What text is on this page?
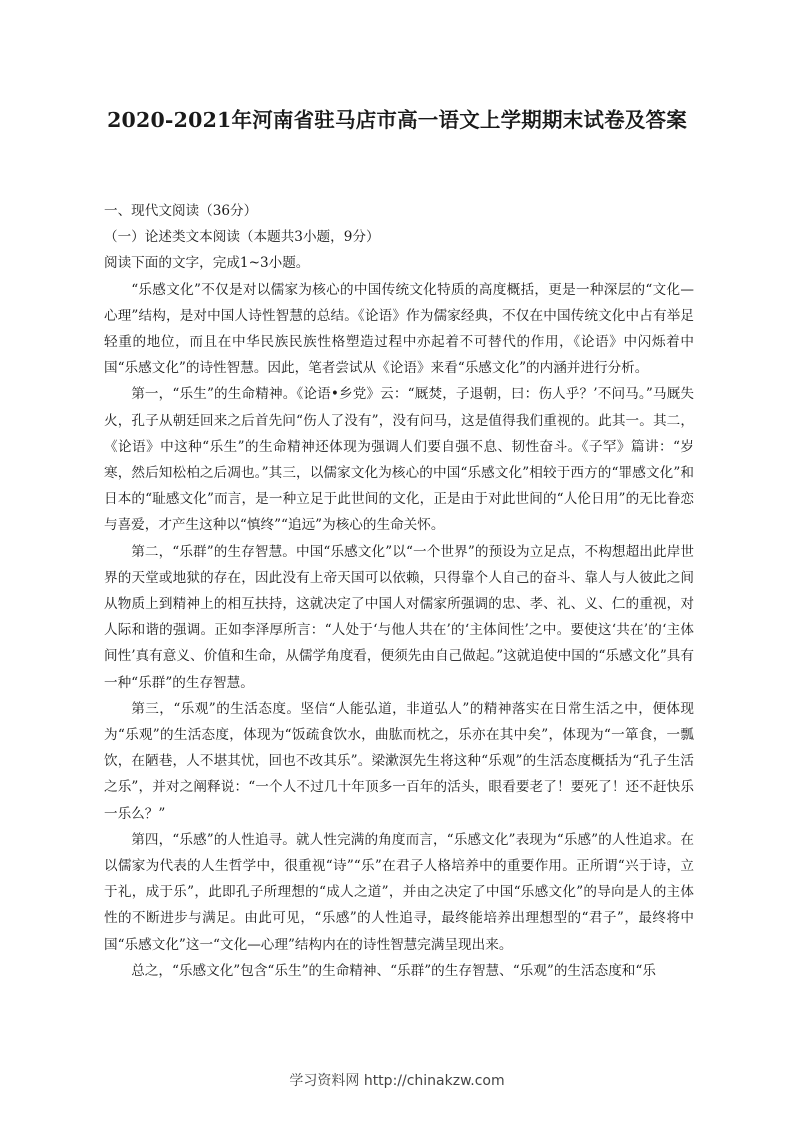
2020-2021年河南省驻马店市高一语文上学期期末试卷及答案

一、现代文阅读（36分）

（一）论述类文本阅读（本题共3小题，9分）

阅读下面的文字，完成1~3小题。

“乐感文化”不仅是对以儒家为核心的中国传统文化特质的高度概括，更是一种深层的“文化—心理”结构，是对中国人诗性智慧的总结。《论语》作为儒家经典，不仅在中国传统文化中占有举足轻重的地位，而且在中华民族民族性格塑造过程中亦起着不可替代的作用，《论语》中闪烁着中国“乐感文化”的诗性智慧。因此，笔者尝试从《论语》来看“乐感文化”的内涵并进行分析。

第一，“乐生”的生命精神。《论语•乡党》云：“厩焚，子退朝，曰：伤人乎？’不问马。”马厩失火，孔子从朝廷回来之后首先问“伤人了没有”，没有问马，这是值得我们重视的。此其一。其二，《论语》中这种“乐生”的生命精神还体现为强调人们要自强不息、韧性奋斗。《子罕》篇讲：“岁寒，然后知松柏之后凋也。”其三，以儒家文化为核心的中国“乐感文化”相较于西方的“罪感文化”和日本的“耻感文化”而言，是一种立足于此世间的文化，正是由于对此世间的“人伦日用”的无比眷恋与喜爱，才产生这种以“慎终”“追远”为核心的生命关怀。

第二，“乐群”的生存智慧。中国“乐感文化”以“一个世界”的预设为立足点，不构想超出此岸世界的天堂或地狱的存在，因此没有上帝天国可以依赖，只得靠个人自己的奋斗、靠人与人彼此之间从物质上到精神上的相互扶持，这就决定了中国人对儒家所强调的忠、孝、礼、义、仁的重视，对人际和谐的强调。正如李泽厚所言：“人处于‘与他人共在’的‘主体间性’之中。要使这‘共在’的‘主体间性’真有意义、价值和生命，从儒学角度看，便须先由自己做起。”这就追使中国的“乐感文化”具有一种“乐群”的生存智慧。

第三，“乐观”的生活态度。坚信“人能弘道，非道弘人”的精神落实在日常生活之中，便体现为“乐观”的生活态度，体现为“饭疏食饮水，曲肱而枕之，乐亦在其中矣”，体现为“一箪食，一瓢饮，在陋巷，人不堪其忧，回也不改其乐”。梁漱溟先生将这种“乐观”的生活态度概括为“孔子生活之乐”，并对之阐释说：“一个人不过几十年顶多一百年的活头，眼看要老了！要死了！还不赶快乐一乐么？”

第四，“乐感”的人性追寻。就人性完满的角度而言，“乐感文化”表现为“乐感”的人性追求。在以儒家为代表的人生哲学中，很重视“诗”“乐”在君子人格培养中的重要作用。正所谓“兴于诗，立于礼，成于乐”，此即孔子所理想的“成人之道”，并由之决定了中国“乐感文化”的导向是人的主体性的不断进步与满足。由此可见，“乐感”的人性追寻，最终能培养出理想型的“君子”，最终将中国“乐感文化”这一“文化—心理”结构内在的诗性智慧完满呈现出来。

总之，“乐感文化”包含“乐生”的生命精神、“乐群”的生存智慧、“乐观”的生活态度和“乐

学习资料网 http://chinakzw.com
